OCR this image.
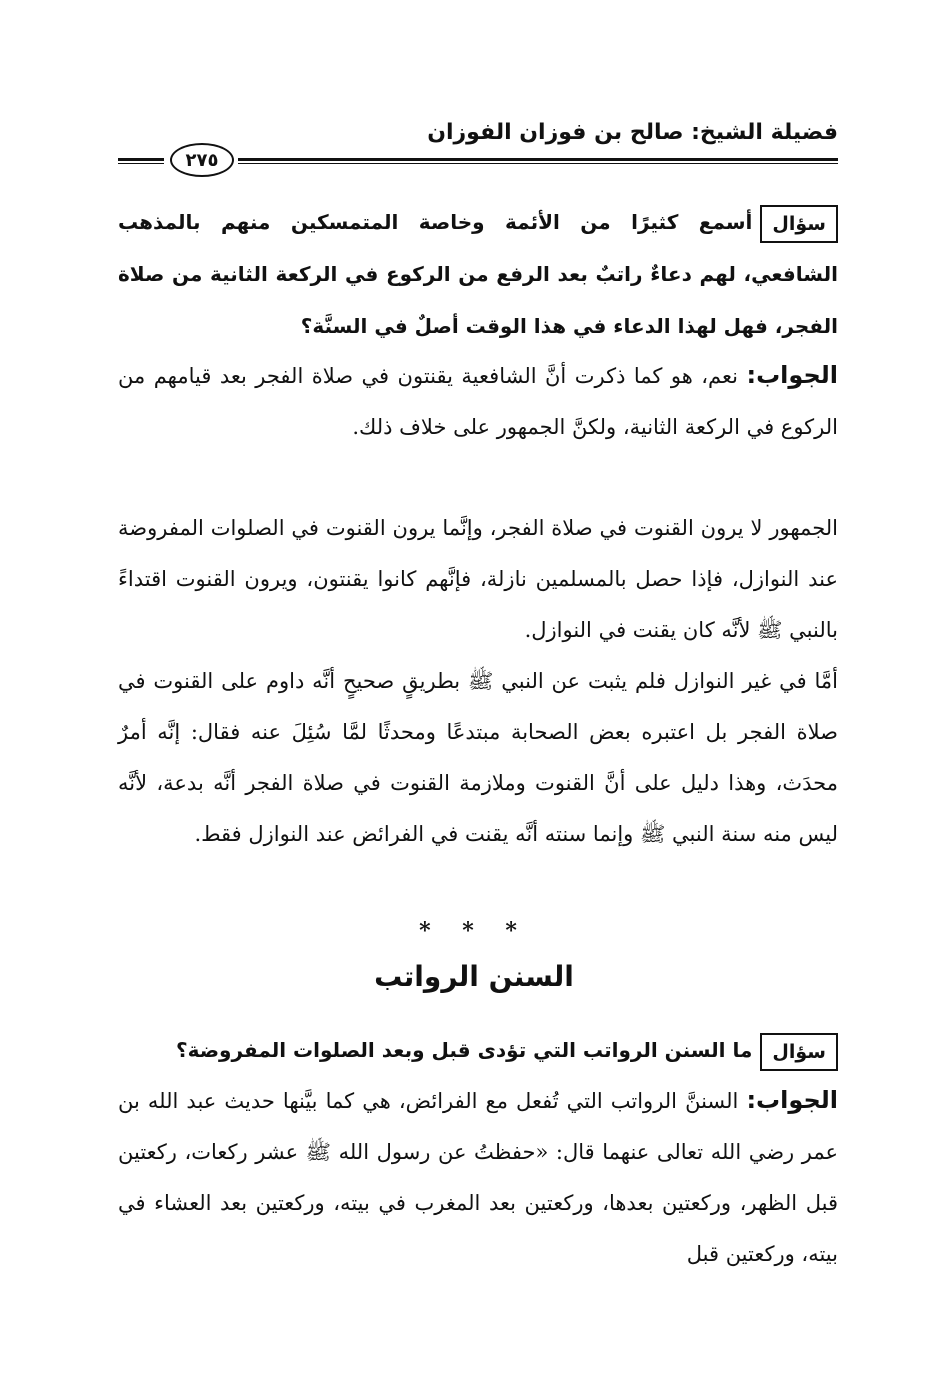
فضيلة الشيخ: صالح بن فوزان الفوزان
٢٧٥
سؤالأسمع كثيرًا من الأئمة وخاصة المتمسكين منهم بالمذهب الشافعي، لهم دعاءٌ راتبٌ بعد الرفع من الركوع في الركعة الثانية من صلاة الفجر، فهل لهذا الدعاء في هذا الوقت أصلٌ في السنَّة؟
الجواب: نعم، هو كما ذكرت أنَّ الشافعية يقنتون في صلاة الفجر بعد قيامهم من الركوع في الركعة الثانية، ولكنَّ الجمهور على خلاف ذلك.
الجمهور لا يرون القنوت في صلاة الفجر، وإنَّما يرون القنوت في الصلوات المفروضة عند النوازل، فإذا حصل بالمسلمين نازلة، فإنَّهم كانوا يقنتون، ويرون القنوت اقتداءً بالنبي ﷺ لأنَّه كان يقنت في النوازل.
أمَّا في غير النوازل فلم يثبت عن النبي ﷺ بطريقٍ صحيحٍ أنَّه داوم على القنوت في صلاة الفجر بل اعتبره بعض الصحابة مبتدعًا ومحدثًا لمَّا سُئِلَ عنه فقال: إنَّه أمرٌ محدَث، وهذا دليل على أنَّ القنوت وملازمة القنوت في صلاة الفجر أنَّه بدعة، لأنَّه ليس منه سنة النبي ﷺ وإنما سنته أنَّه يقنت في الفرائض عند النوازل فقط.
* * *
السنن الرواتب
سؤالما السنن الرواتب التي تؤدى قبل وبعد الصلوات المفروضة؟
الجواب: السننَّ الرواتب التي تُفعل مع الفرائض، هي كما بيَّنها حديث عبد الله بن عمر رضي الله تعالى عنهما قال: «حفظتُ عن رسول الله ﷺ عشر ركعات، ركعتين قبل الظهر، وركعتين بعدها، وركعتين بعد المغرب في بيته، وركعتين بعد العشاء في بيته، وركعتين قبل
